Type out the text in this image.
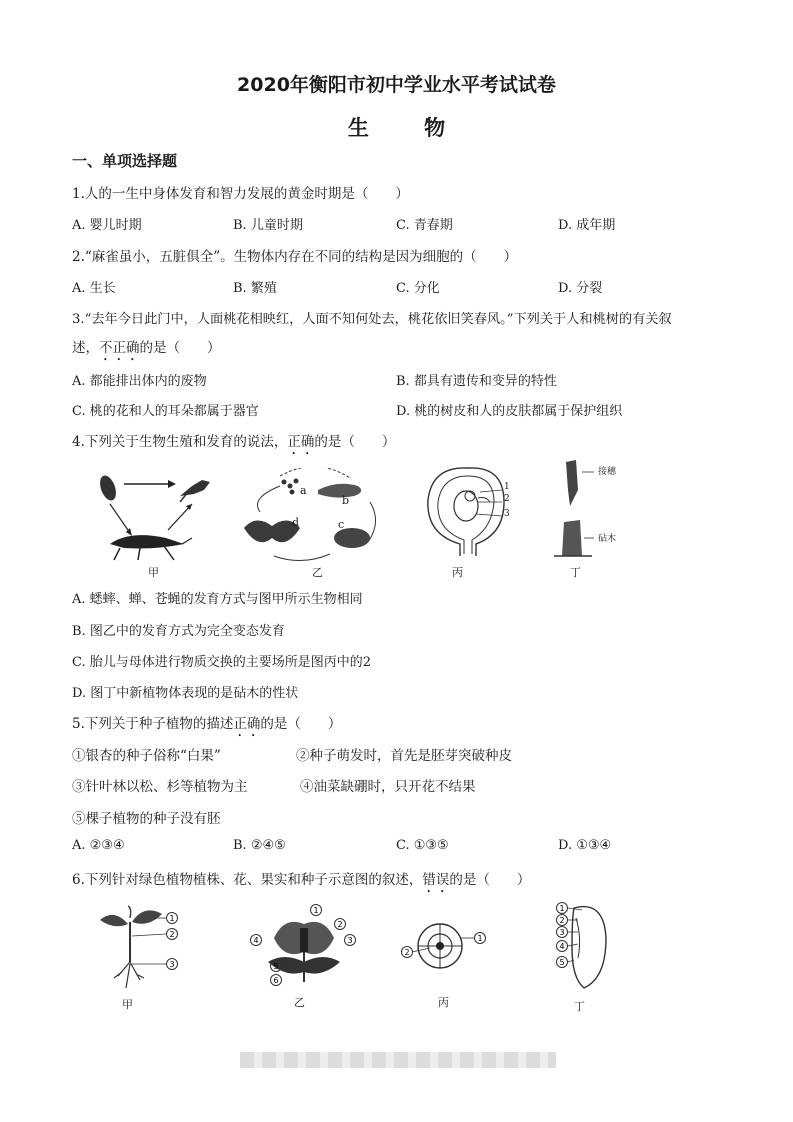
2020年衡阳市初中学业水平考试试卷
生 物
一、单项选择题
1.人的一生中身体发育和智力发展的黄金时期是（　　）
A. 婴儿时期	B. 儿童时期	C. 青春期	D. 成年期
2.“麻雀虽小，五脏俱全”。生物体内存在不同的结构是因为细胞的（　　）
A. 生长	B. 繁殖	C. 分化	D. 分裂
3.“去年今日此门中，人面桃花相映红，人面不知何处去，桃花依旧笑春风。”下列关于人和桃树的有关叙
述，不正确的是（　　）
A. 都能排出体内的废物	B. 都具有遗传和变异的特性
C. 桃的花和人的耳朵都属于器官	D. 桃的树皮和人的皮肤都属于保护组织
4.下列关于生物生殖和发育的说法，正确的是（　　）
甲
a
b
c
d
乙
1
2
3
丙
接穗
砧木
丁
A. 蟋蟀、蝉、苍蝇的发育方式与图甲所示生物相同
B. 图乙中的发育方式为完全变态发育
C. 胎儿与母体进行物质交换的主要场所是图丙中的2
D. 图丁中新植物体表现的是砧木的性状
5.下列关于种子植物的描述正确的是（　　）
①银杏的种子俗称“白果”	②种子萌发时，首先是胚芽突破种皮
③针叶林以松、杉等植物为主	④油菜缺硼时，只开花不结果
⑤棵子植物的种子没有胚
A. ②③④	B. ②④⑤	C. ①③⑤	D. ①③④
6.下列针对绿色植物植株、花、果实和种子示意图的叙述，错误的是（　　）
1
2
3
甲
1
2
3
4
5
6
乙
1
2
丙
1
2
3
4
5
丁
